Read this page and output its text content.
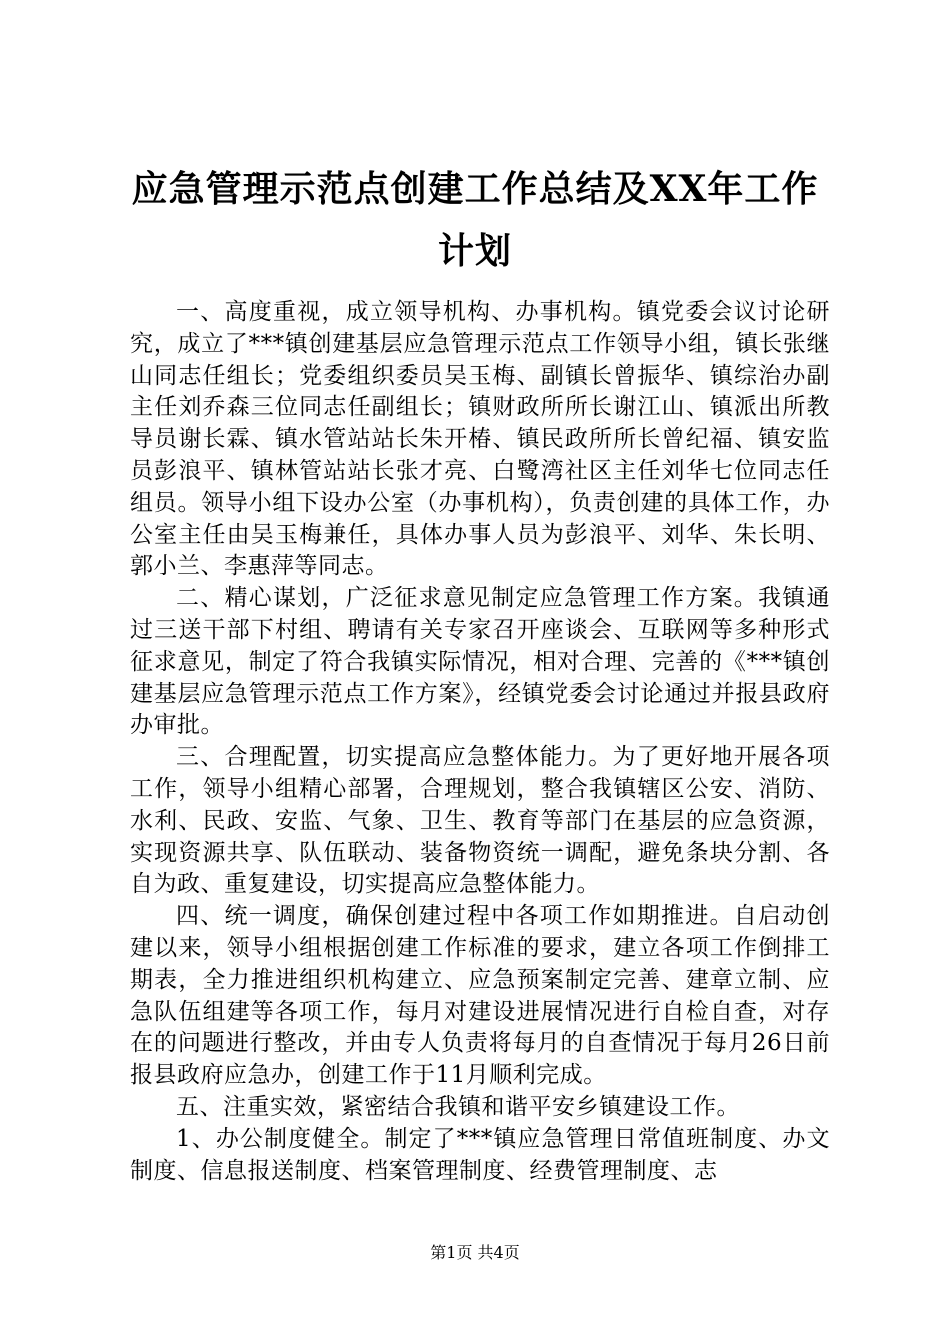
应急管理示范点创建工作总结及XX年工作计划

一、高度重视，成立领导机构、办事机构。镇党委会议讨论研究，成立了***镇创建基层应急管理示范点工作领导小组，镇长张继山同志任组长；党委组织委员吴玉梅、副镇长曾振华、镇综治办副主任刘乔森三位同志任副组长；镇财政所所长谢江山、镇派出所教导员谢长霖、镇水管站站长朱开椿、镇民政所所长曾纪福、镇安监员彭浪平、镇林管站站长张才亮、白鹭湾社区主任刘华七位同志任组员。领导小组下设办公室（办事机构），负责创建的具体工作，办公室主任由吴玉梅兼任，具体办事人员为彭浪平、刘华、朱长明、郭小兰、李惠萍等同志。

二、精心谋划，广泛征求意见制定应急管理工作方案。我镇通过三送干部下村组、聘请有关专家召开座谈会、互联网等多种形式征求意见，制定了符合我镇实际情况，相对合理、完善的《***镇创建基层应急管理示范点工作方案》，经镇党委会讨论通过并报县政府办审批。

三、合理配置，切实提高应急整体能力。为了更好地开展各项工作，领导小组精心部署，合理规划，整合我镇辖区公安、消防、水利、民政、安监、气象、卫生、教育等部门在基层的应急资源，实现资源共享、队伍联动、装备物资统一调配，避免条块分割、各自为政、重复建设，切实提高应急整体能力。

四、统一调度，确保创建过程中各项工作如期推进。自启动创建以来，领导小组根据创建工作标准的要求，建立各项工作倒排工期表，全力推进组织机构建立、应急预案制定完善、建章立制、应急队伍组建等各项工作，每月对建设进展情况进行自检自查，对存在的问题进行整改，并由专人负责将每月的自查情况于每月26日前报县政府应急办，创建工作于11月顺利完成。

五、注重实效，紧密结合我镇和谐平安乡镇建设工作。

1、办公制度健全。制定了***镇应急管理日常值班制度、办文制度、信息报送制度、档案管理制度、经费管理制度、志

第1页 共4页
